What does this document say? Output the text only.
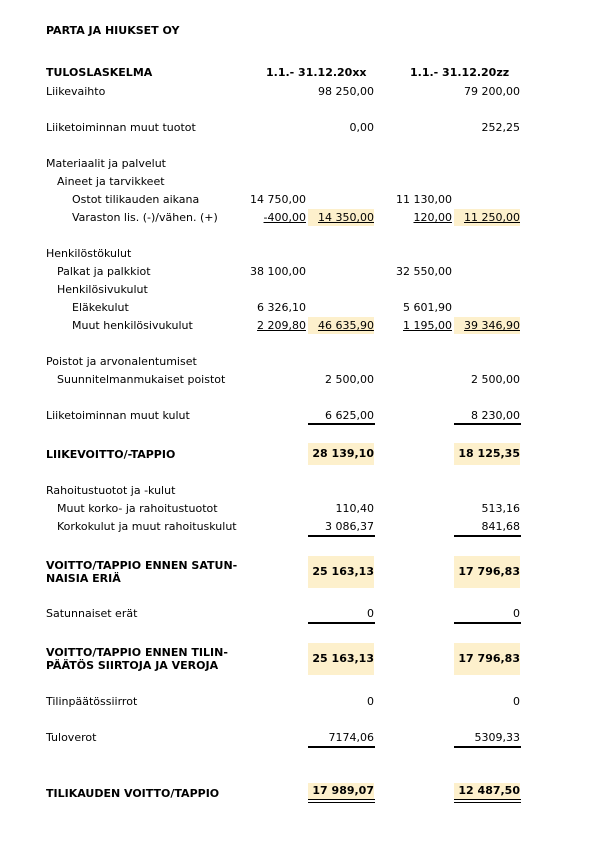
PARTA JA HIUKSET OY
TULOSLASKELMA	1.1.- 31.12.20xx	1.1.- 31.12.20zz
Liikevaihto	98 250,00	79 200,00
Liiketoiminnan muut tuotot	0,00	252,25
Materiaalit ja palvelut
Aineet ja tarvikkeet
Ostot tilikauden aikana	14 750,00	11 130,00
Varaston lis. (-)/vähen. (+)	-400,00	14 350,00	120,00	11 250,00
Henkilöstökulut
Palkat ja palkkiot	38 100,00	32 550,00
Henkilösivukulut
Eläkekulut	6 326,10	5 601,90
Muut henkilösivukulut	2 209,80	46 635,90	1 195,00	39 346,90
Poistot ja arvonalentumiset
Suunnitelmanmukaiset poistot	2 500,00	2 500,00
Liiketoiminnan muut kulut	6 625,00	8 230,00
LIIKEVOITTO/-TAPPIO	28 139,10	18 125,35
Rahoitustuotot ja -kulut
Muut korko- ja rahoitustuotot	110,40	513,16
Korkokulut ja muut rahoituskulut	3 086,37	841,68
VOITTO/TAPPIO ENNEN SATUN-
NAISIA ERIÄ
25 163,13	17 796,83
Satunnaiset erät	0	0
VOITTO/TAPPIO ENNEN TILIN-
PÄÄTÖS SIIRTOJA JA VEROJA
25 163,13	17 796,83
Tilinpäätössiirrot	0	0
Tuloverot	7174,06	5309,33
TILIKAUDEN VOITTO/TAPPIO	17 989,07	12 487,50
